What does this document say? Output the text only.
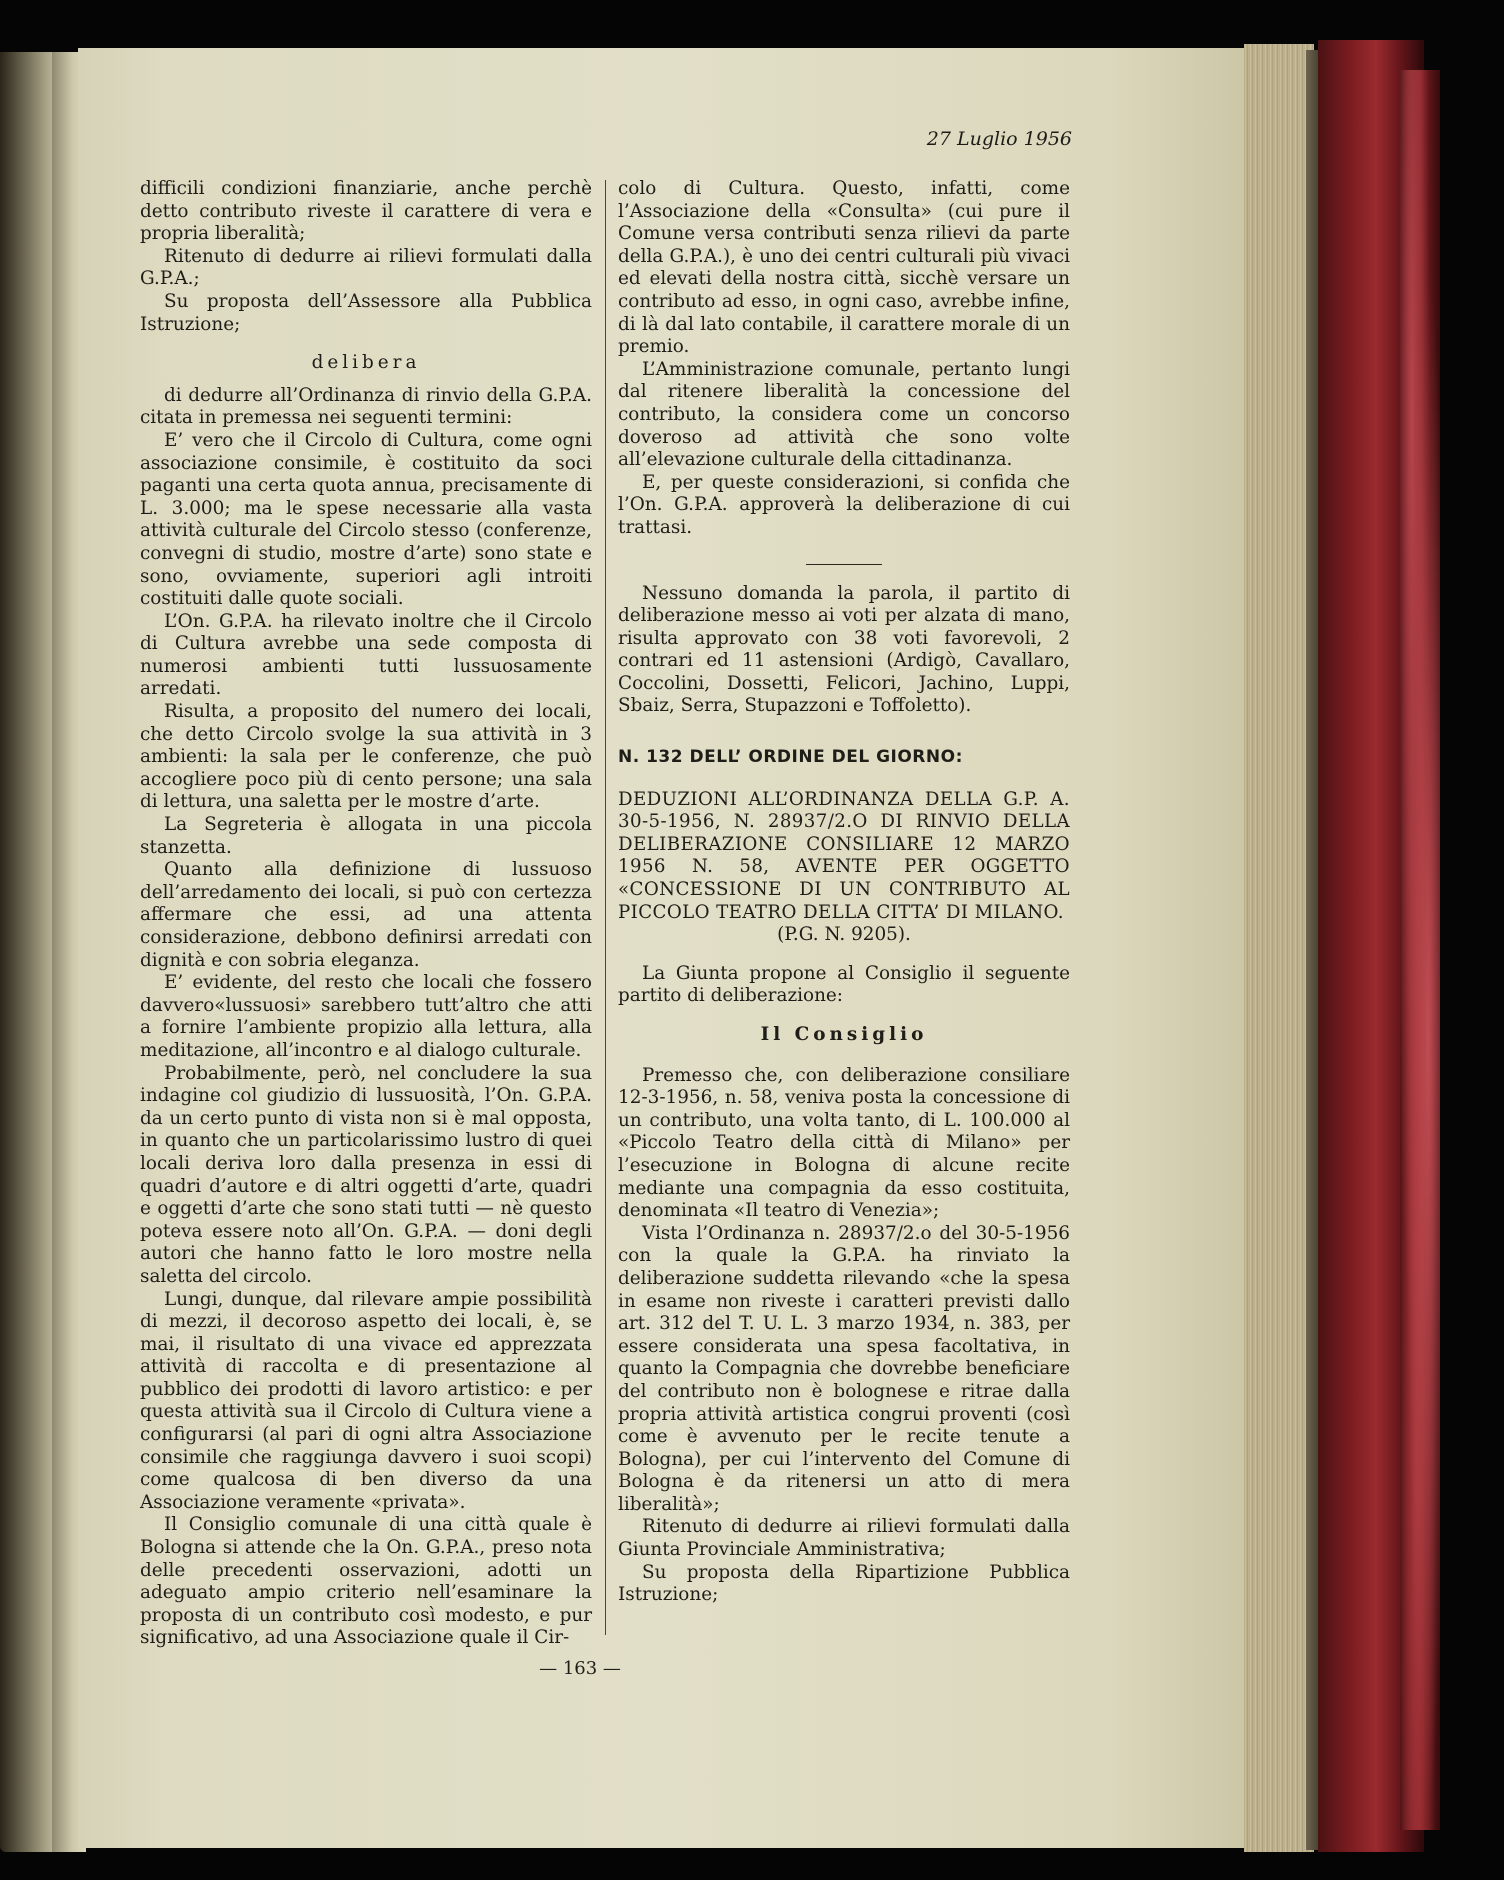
27 Luglio 1956

difficili condizioni finanziarie, anche perchè detto contributo riveste il carattere di vera e propria liberalità;

Ritenuto di dedurre ai rilievi formulati dalla G.P.A.;

Su proposta dell’Assessore alla Pubblica Istruzione;

delibera

di dedurre all’Ordinanza di rinvio della G.P.A. citata in premessa nei seguenti termini:

E’ vero che il Circolo di Cultura, come ogni associazione consimile, è costituito da soci paganti una certa quota annua, precisamente di L. 3.000; ma le spese necessarie alla vasta attività culturale del Circolo stesso (conferenze, convegni di studio, mostre d’arte) sono state e sono, ovviamente, superiori agli introiti costituiti dalle quote sociali.

L’On. G.P.A. ha rilevato inoltre che il Circolo di Cultura avrebbe una sede composta di numerosi ambienti tutti lussuosamente arredati.

Risulta, a proposito del numero dei locali, che detto Circolo svolge la sua attività in 3 ambienti: la sala per le conferenze, che può accogliere poco più di cento persone; una sala di lettura, una saletta per le mostre d’arte.

La Segreteria è allogata in una piccola stanzetta.

Quanto alla definizione di lussuoso dell’arredamento dei locali, si può con certezza affermare che essi, ad una attenta considerazione, debbono definirsi arredati con dignità e con sobria eleganza.

E’ evidente, del resto che locali che fossero davvero«lussuosi» sarebbero tutt’altro che atti a fornire l’ambiente propizio alla lettura, alla meditazione, all’incontro e al dialogo culturale.

Probabilmente, però, nel concludere la sua indagine col giudizio di lussuosità, l’On. G.P.A. da un certo punto di vista non si è mal opposta, in quanto che un particolarissimo lustro di quei locali deriva loro dalla presenza in essi di quadri d’autore e di altri oggetti d’arte, quadri e oggetti d’arte che sono stati tutti — nè questo poteva essere noto all’On. G.P.A. — doni degli autori che hanno fatto le loro mostre nella saletta del circolo.

Lungi, dunque, dal rilevare ampie possibilità di mezzi, il decoroso aspetto dei locali, è, se mai, il risultato di una vivace ed apprezzata attività di raccolta e di presentazione al pubblico dei prodotti di lavoro artistico: e per questa attività sua il Circolo di Cultura viene a configurarsi (al pari di ogni altra Associazione consimile che raggiunga davvero i suoi scopi) come qualcosa di ben diverso da una Associazione veramente «privata».

Il Consiglio comunale di una città quale è Bologna si attende che la On. G.P.A., preso nota delle precedenti osservazioni, adotti un adeguato ampio criterio nell’esaminare la proposta di un contributo così modesto, e pur significativo, ad una Associazione quale il Cir-

colo di Cultura. Questo, infatti, come l’Associazione della «Consulta» (cui pure il Comune versa contributi senza rilievi da parte della G.P.A.), è uno dei centri culturali più vivaci ed elevati della nostra città, sicchè versare un contributo ad esso, in ogni caso, avrebbe infine, di là dal lato contabile, il carattere morale di un premio.

L’Amministrazione comunale, pertanto lungi dal ritenere liberalità la concessione del contributo, la considera come un concorso doveroso ad attività che sono volte all’elevazione culturale della cittadinanza.

E, per queste considerazioni, si confida che l’On. G.P.A. approverà la deliberazione di cui trattasi.

Nessuno domanda la parola, il partito di deliberazione messo ai voti per alzata di mano, risulta approvato con 38 voti favorevoli, 2 contrari ed 11 astensioni (Ardigò, Cavallaro, Coccolini, Dossetti, Felicori, Jachino, Luppi, Sbaiz, Serra, Stupazzoni e Toffoletto).

N. 132 DELL’ ORDINE DEL GIORNO:

DEDUZIONI ALL’ORDINANZA DELLA G.P. A. 30-5-1956, N. 28937/2.O DI RINVIO DELLA DELIBERAZIONE CONSILIARE 12 MARZO 1956 N. 58, AVENTE PER OGGETTO «CONCESSIONE DI UN CONTRIBUTO AL PICCOLO TEATRO DELLA CITTA’ DI MILANO.

(P.G. N. 9205).

La Giunta propone al Consiglio il seguente partito di deliberazione:

Il Consiglio

Premesso che, con deliberazione consiliare 12-3-1956, n. 58, veniva posta la concessione di un contributo, una volta tanto, di L. 100.000 al «Piccolo Teatro della città di Milano» per l’esecuzione in Bologna di alcune recite mediante una compagnia da esso costituita, denominata «Il teatro di Venezia»;

Vista l’Ordinanza n. 28937/2.o del 30-5-1956 con la quale la G.P.A. ha rinviato la deliberazione suddetta rilevando «che la spesa in esame non riveste i caratteri previsti dallo art. 312 del T. U. L. 3 marzo 1934, n. 383, per essere considerata una spesa facoltativa, in quanto la Compagnia che dovrebbe beneficiare del contributo non è bolognese e ritrae dalla propria attività artistica congrui proventi (così come è avvenuto per le recite tenute a Bologna), per cui l’intervento del Comune di Bologna è da ritenersi un atto di mera liberalità»;

Ritenuto di dedurre ai rilievi formulati dalla Giunta Provinciale Amministrativa;

Su proposta della Ripartizione Pubblica Istruzione;

— 163 —
